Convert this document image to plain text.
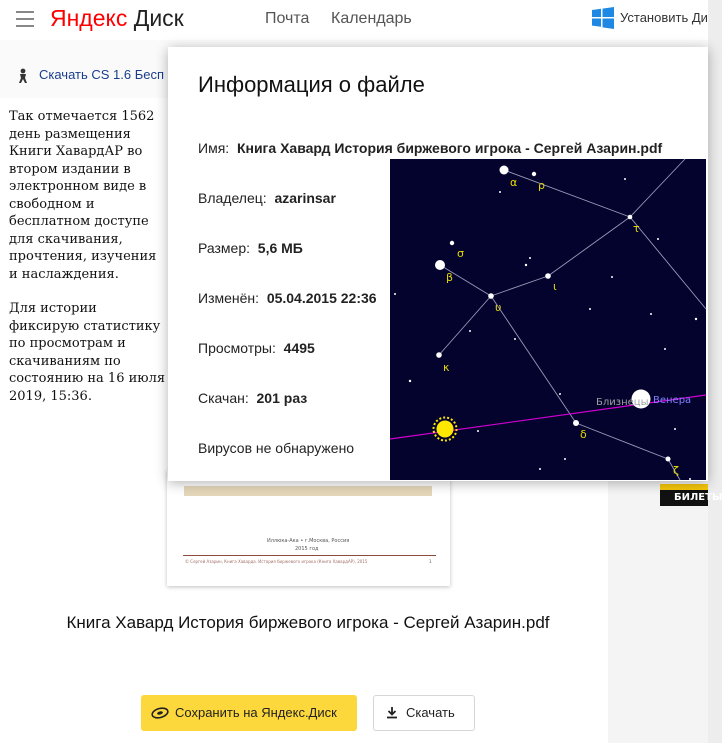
Яндекс Диск	Почта Календарь	Установить Ди
Скачать CS 1.6 Бесп

Так отмечается 1562 день размещения Книги ХавардАР во втором издании в электронном виде в свободном и бесплатном доступе для скачивания, прочтения, изучения и наслаждения.

Для истории фиксирую статистику по просмотрам и скачиваниям по состоянию на 16 июля 2019, 15:36.

Иллюка-Ака • г.Москва, Россия
2015 год
© Сергей Азарин, Книга Хаварда. История биржевого игрока (Книга ХавардАР), 2015	1
БИЛЕТЫ
Книга Хавард История биржевого игрока - Сергей Азарин.pdf
Сохранить на Яндекс.Диск	Скачать
Информация о файле
Имя: Книга Хавард История биржевого игрока - Сергей Азарин.pdf
Владелец: azarinsar
Размер: 5,6 МБ
Изменён: 05.04.2015 22:36
Просмотры: 4495
Скачан: 201 раз
Вирусов не обнаружено
α ρ
τ
σ
β
ι
υ
κ
δ
ζ
Близнецы Венера
